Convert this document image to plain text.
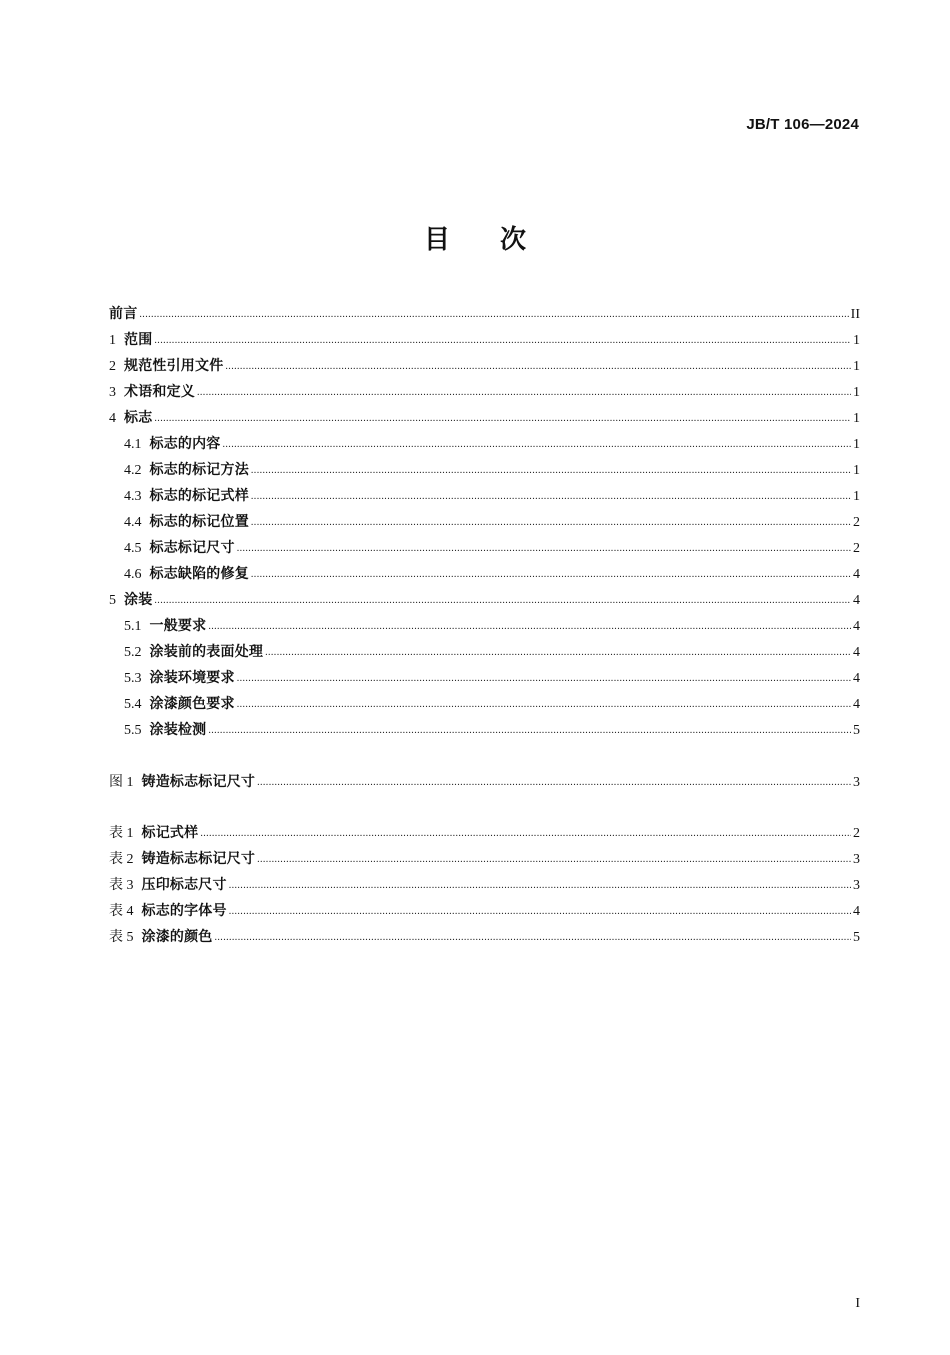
JB/T 106—2024
目次
前言 .....	II
1 范围 .....	1
2 规范性引用文件 .....	1
3 术语和定义 .....	1
4 标志 .....	1
4.1 标志的内容 .....	1
4.2 标志的标记方法 .....	1
4.3 标志的标记式样 .....	1
4.4 标志的标记位置 .....	2
4.5 标志标记尺寸 .....	2
4.6 标志缺陷的修复 .....	4
5 涂装 .....	4
5.1 一般要求 .....	4
5.2 涂装前的表面处理 .....	4
5.3 涂装环境要求 .....	4
5.4 涂漆颜色要求 .....	4
5.5 涂装检测 .....	5
图 1 铸造标志标记尺寸 .....	3
表 1 标记式样 .....	2
表 2 铸造标志标记尺寸 .....	3
表 3 压印标志尺寸 .....	3
表 4 标志的字体号 .....	4
表 5 涂漆的颜色 .....	5
I
